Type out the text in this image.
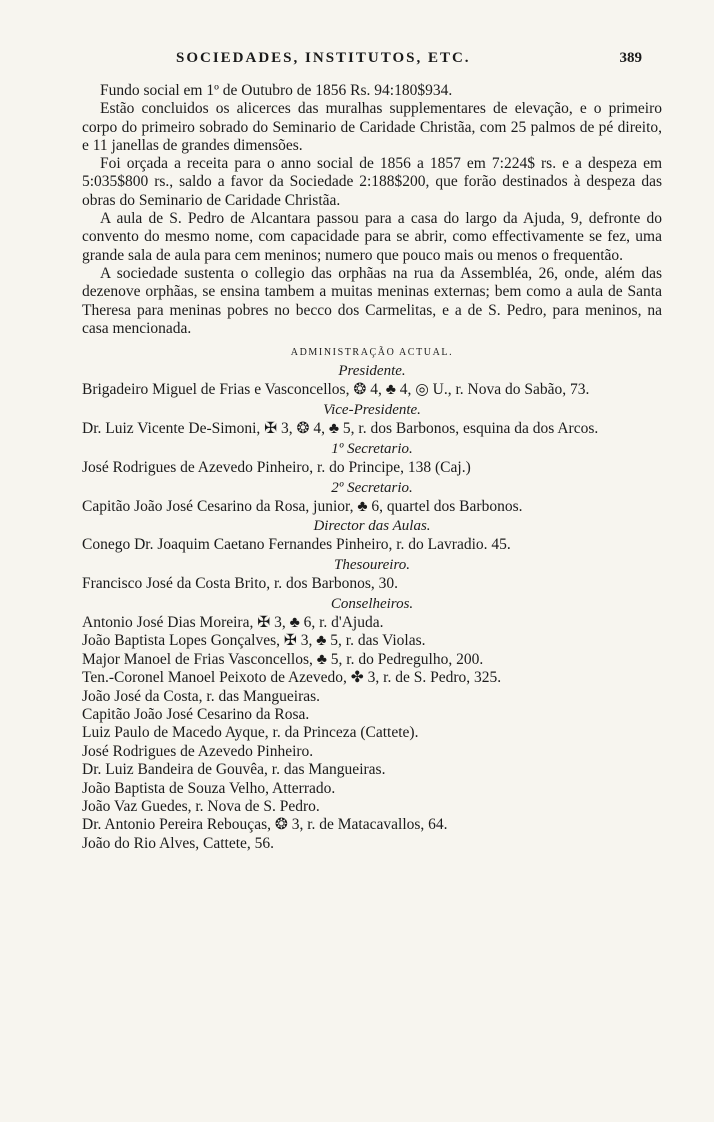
SOCIEDADES, INSTITUTOS, ETC.	389

Fundo social em 1º de Outubro de 1856 Rs. 94:180$934.

Estão concluidos os alicerces das muralhas supplementares de elevação, e o primeiro corpo do primeiro sobrado do Seminario de Caridade Christãa, com 25 palmos de pé direito, e 11 janellas de grandes dimensões.

Foi orçada a receita para o anno social de 1856 a 1857 em 7:224$ rs. e a despeza em 5:035$800 rs., saldo a favor da Sociedade 2:188$200, que forão destinados à despeza das obras do Seminario de Caridade Christãa.

A aula de S. Pedro de Alcantara passou para a casa do largo da Ajuda, 9, defronte do convento do mesmo nome, com capacidade para se abrir, como effectivamente se fez, uma grande sala de aula para cem meninos; numero que pouco mais ou menos o frequentão.

A sociedade sustenta o collegio das orphãas na rua da Assembléa, 26, onde, além das dezenove orphãas, se ensina tambem a muitas meninas externas; bem como a aula de Santa Theresa para meninas pobres no becco dos Carmelitas, e a de S. Pedro, para meninos, na casa mencionada.

ADMINISTRAÇÃO ACTUAL.
Presidente.

Brigadeiro Miguel de Frias e Vasconcellos, ❂ 4, ♣ 4, ◎ U., r. Nova do Sabão, 73.

Vice-Presidente.

Dr. Luiz Vicente De-Simoni, ✠ 3, ❂ 4, ♣ 5, r. dos Barbonos, esquina da dos Arcos.

1º Secretario.

José Rodrigues de Azevedo Pinheiro, r. do Principe, 138 (Caj.)

2º Secretario.

Capitão João José Cesarino da Rosa, junior, ♣ 6, quartel dos Barbonos.

Director das Aulas.

Conego Dr. Joaquim Caetano Fernandes Pinheiro, r. do Lavradio. 45.

Thesoureiro.

Francisco José da Costa Brito, r. dos Barbonos, 30.

Conselheiros.

Antonio José Dias Moreira, ✠ 3, ♣ 6, r. d'Ajuda.

João Baptista Lopes Gonçalves, ✠ 3, ♣ 5, r. das Violas.

Major Manoel de Frias Vasconcellos, ♣ 5, r. do Pedregulho, 200.

Ten.-Coronel Manoel Peixoto de Azevedo, ✤ 3, r. de S. Pedro, 325.

João José da Costa, r. das Mangueiras.

Capitão João José Cesarino da Rosa.

Luiz Paulo de Macedo Ayque, r. da Princeza (Cattete).

José Rodrigues de Azevedo Pinheiro.

Dr. Luiz Bandeira de Gouvêa, r. das Mangueiras.

João Baptista de Souza Velho, Atterrado.

João Vaz Guedes, r. Nova de S. Pedro.

Dr. Antonio Pereira Rebouças, ❂ 3, r. de Matacavallos, 64.

João do Rio Alves, Cattete, 56.
